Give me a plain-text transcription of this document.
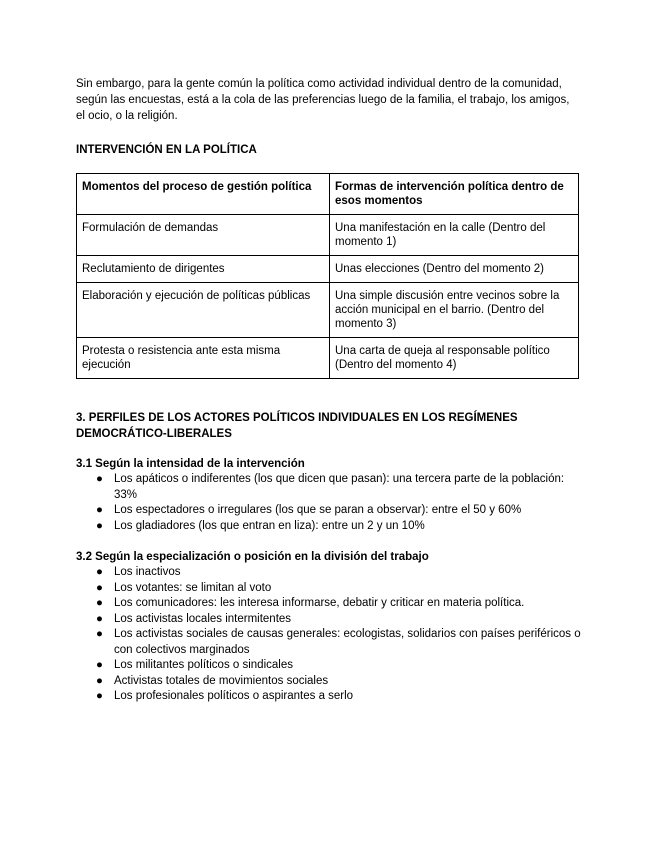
Sin embargo, para la gente común la política como actividad individual dentro de la comunidad, según las encuestas, está a la cola de las preferencias luego de la familia, el trabajo, los amigos, el ocio, o la religión.

INTERVENCIÓN EN LA POLÍTICA

Momentos del proceso de gestión política	Formas de intervención política dentro de esos momentos
Formulación de demandas	Una manifestación en la calle (Dentro del momento 1)
Reclutamiento de dirigentes	Unas elecciones (Dentro del momento 2)
Elaboración y ejecución de políticas públicas	Una simple discusión entre vecinos sobre la acción municipal en el barrio. (Dentro del momento 3)
Protesta o resistencia ante esta misma ejecución	Una carta de queja al responsable político (Dentro del momento 4)

3. PERFILES DE LOS ACTORES POLÍTICOS INDIVIDUALES EN LOS REGÍMENES DEMOCRÁTICO-LIBERALES

3.1 Según la intensidad de la intervención

● Los apáticos o indiferentes (los que dicen que pasan): una tercera parte de la población: 33%
● Los espectadores o irregulares (los que se paran a observar): entre el 50 y 60%
● Los gladiadores (los que entran en liza): entre un 2 y un 10%

3.2 Según la especialización o posición en la división del trabajo

● Los inactivos
● Los votantes: se limitan al voto
● Los comunicadores: les interesa informarse, debatir y criticar en materia política.
● Los activistas locales intermitentes
● Los activistas sociales de causas generales: ecologistas, solidarios con países periféricos o con colectivos marginados
● Los militantes políticos o sindicales
● Activistas totales de movimientos sociales
● Los profesionales políticos o aspirantes a serlo
